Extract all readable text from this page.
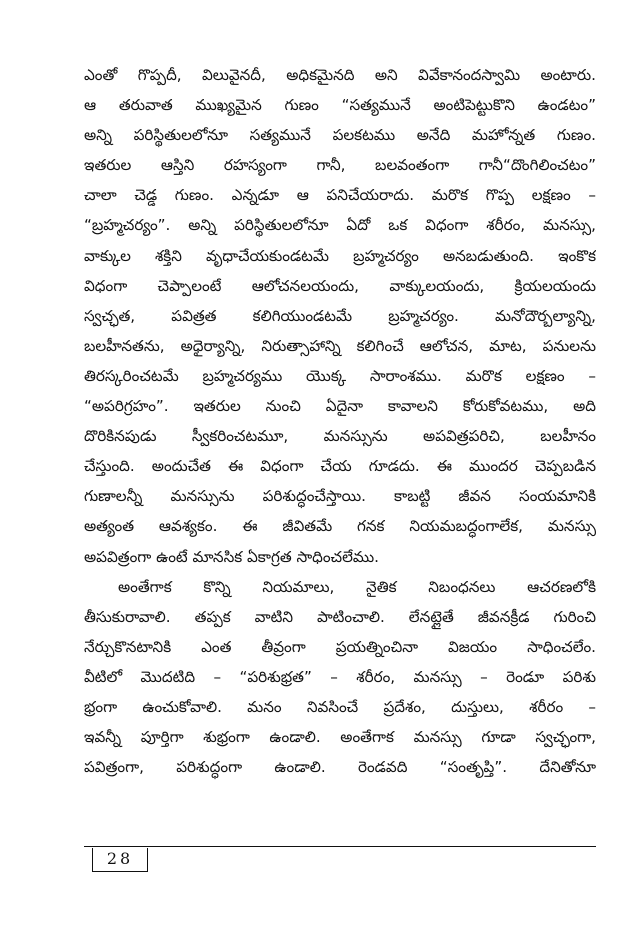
ఎంతో గొప్పదీ, విలువైనదీ, అధికమైనది అని వివేకానందస్వామి అంటారు.
ఆ తరువాత ముఖ్యమైన గుణం “సత్యమునే అంటిపెట్టుకొని ఉండటం”
అన్ని పరిస్థితులలోనూ సత్యమునే పలకటము అనేది మహోన్నత గుణం.
ఇతరుల ఆస్తిని రహస్యంగా గానీ, బలవంతంగా గానీ“దొంగిలించటం”
చాలా చెడ్డ గుణం. ఎన్నడూ ఆ పనిచేయరాదు. మరొక గొప్ప లక్షణం –
“బ్రహ్మచర్యం”. అన్ని పరిస్థితులలోనూ ఏదో ఒక విధంగా శరీరం, మనస్సు,
వాక్కుల శక్తిని వృధాచేయకుండటమే బ్రహ్మచర్యం అనబడుతుంది. ఇంకొక
విధంగా చెప్పాలంటే ఆలోచనలయందు, వాక్కులయందు, క్రియలయందు
స్వచ్ఛత, పవిత్రత కలిగియుండటమే బ్రహ్మచర్యం. మనోదౌర్బల్యాన్ని,
బలహీనతను, అధైర్యాన్ని, నిరుత్సాహాన్ని కలిగించే ఆలోచన, మాట, పనులను
తిరస్కరించటమే బ్రహ్మచర్యము యొక్క సారాంశము. మరొక లక్షణం –
“అపరిగ్రహం”. ఇతరుల నుంచి ఏదైనా కావాలని కోరుకోవటము, అది
దొరికినపుడు స్వీకరించటమూ, మనస్సును అపవిత్రపరిచి, బలహీనం
చేస్తుంది. అందుచేత ఈ విధంగా చేయ గూడదు. ఈ ముందర చెప్పబడిన
గుణాలన్నీ మనస్సును పరిశుద్ధంచేస్తాయి. కాబట్టి జీవన సంయమానికి
అత్యంత ఆవశ్యకం. ఈ జీవితమే గనక నియమబద్ధంగాలేక, మనస్సు
అపవిత్రంగా ఉంటే మానసిక ఏకాగ్రత సాధించలేము.
అంతేగాక కొన్ని నియమాలు, నైతిక నిబంధనలు ఆచరణలోకి
తీసుకురావాలి. తప్పక వాటిని పాటించాలి. లేనట్లైతే జీవనక్రీడ గురించి
నేర్చుకొనటానికి ఎంత తీవ్రంగా ప్రయత్నించినా విజయం సాధించలేం.
వీటిలో మొదటిది – “పరిశుభ్రత” – శరీరం, మనస్సు – రెండూ పరిశు
భ్రంగా ఉంచుకోవాలి. మనం నివసించే ప్రదేశం, దుస్తులు, శరీరం –
ఇవన్నీ పూర్తిగా శుభ్రంగా ఉండాలి. అంతేగాక మనస్సు గూడా స్వచ్ఛంగా,
పవిత్రంగా, పరిశుద్ధంగా ఉండాలి. రెండవది “సంతృప్తి”. దేనితోనూ
28
